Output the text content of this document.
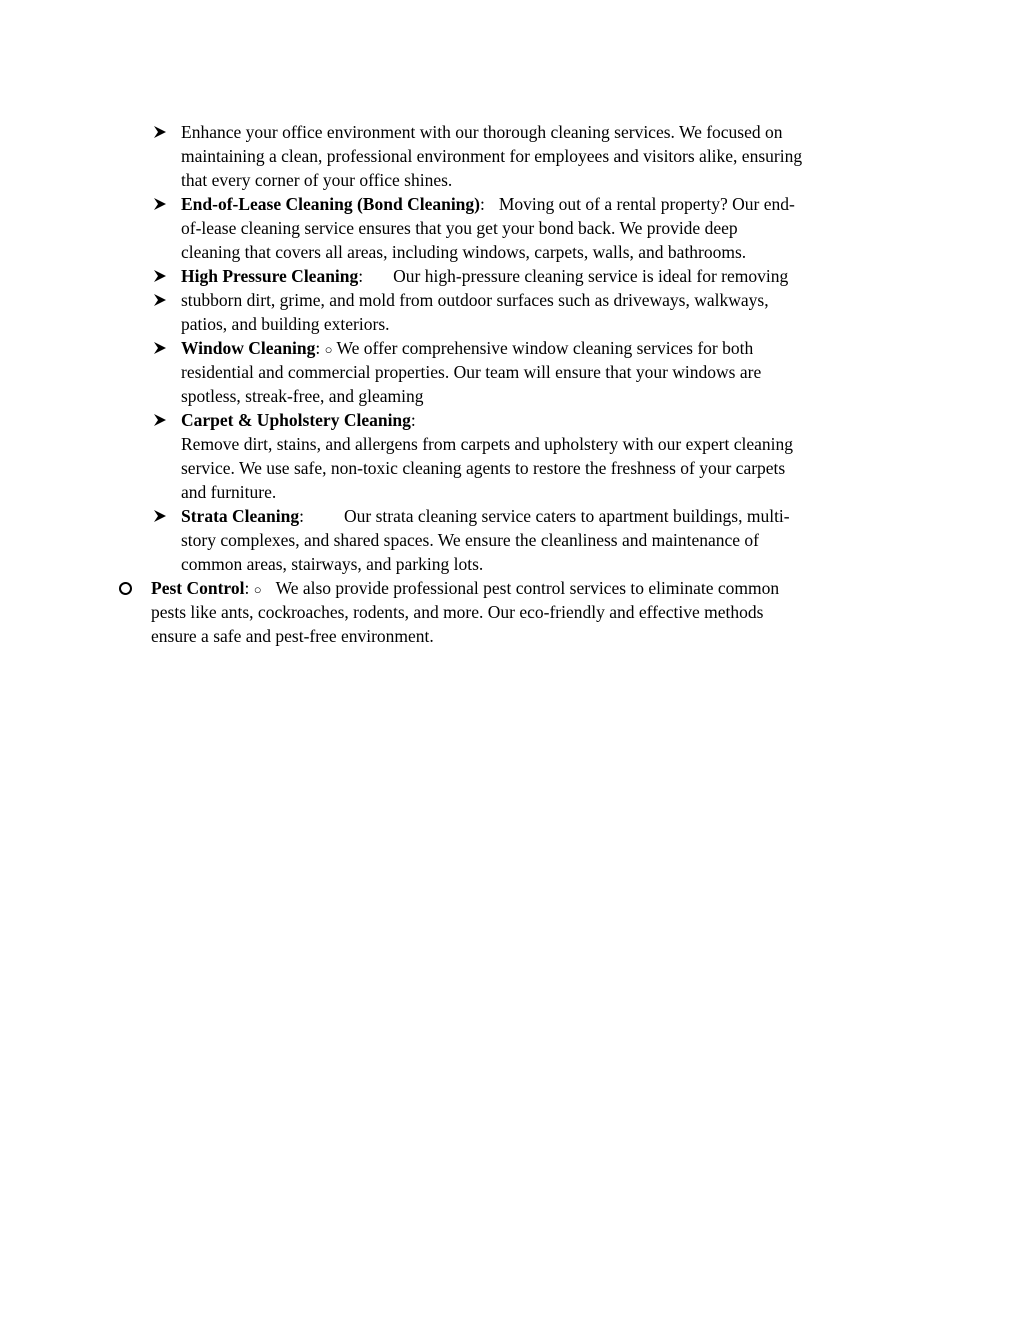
Enhance your office environment with our thorough cleaning services. We focused on
maintaining a clean, professional environment for employees and visitors alike, ensuring
that every corner of your office shines.
End-of-Lease Cleaning (Bond Cleaning): Moving out of a rental property? Our end-
of-lease cleaning service ensures that you get your bond back. We provide deep
cleaning that covers all areas, including windows, carpets, walls, and bathrooms.
High Pressure Cleaning: Our high-pressure cleaning service is ideal for removing
stubborn dirt, grime, and mold from outdoor surfaces such as driveways, walkways,
patios, and building exteriors.
Window Cleaning: ○ We offer comprehensive window cleaning services for both
residential and commercial properties. Our team will ensure that your windows are
spotless, streak-free, and gleaming
Carpet & Upholstery Cleaning:
Remove dirt, stains, and allergens from carpets and upholstery with our expert cleaning
service. We use safe, non-toxic cleaning agents to restore the freshness of your carpets
and furniture.
Strata Cleaning: Our strata cleaning service caters to apartment buildings, multi-
story complexes, and shared spaces. We ensure the cleanliness and maintenance of
common areas, stairways, and parking lots.
Pest Control: ○ We also provide professional pest control services to eliminate common
pests like ants, cockroaches, rodents, and more. Our eco-friendly and effective methods
ensure a safe and pest-free environment.
